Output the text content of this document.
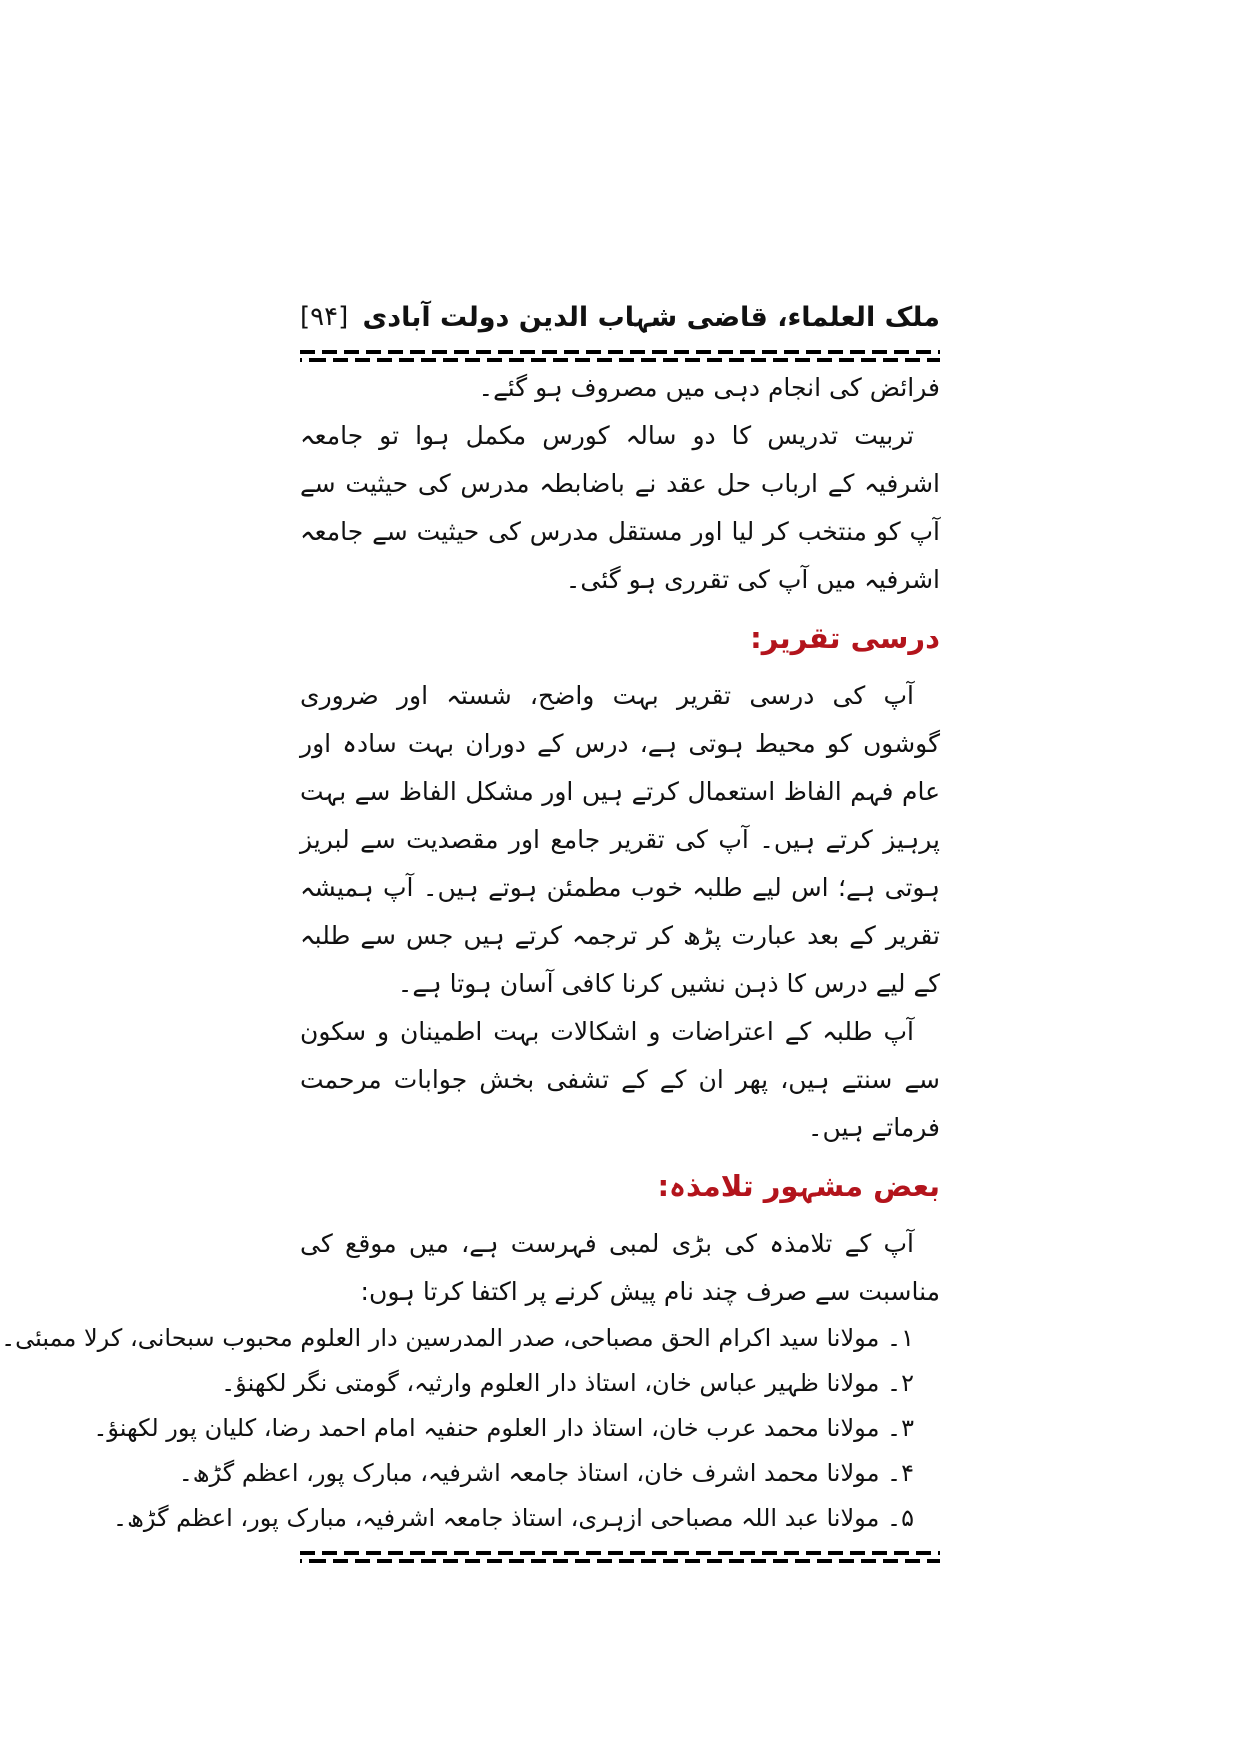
ملک العلماء، قاضی شہاب الدین دولت آبادی
[۹۴]

فرائض کی انجام دہی میں مصروف ہو گئے۔

تربیت تدریس کا دو سالہ کورس مکمل ہوا تو جامعہ اشرفیہ کے ارباب حل عقد نے باضابطہ مدرس کی حیثیت سے آپ کو منتخب کر لیا اور مستقل مدرس کی حیثیت سے جامعہ اشرفیہ میں آپ کی تقرری ہو گئی۔

درسی تقریر:

آپ کی درسی تقریر بہت واضح، شستہ اور ضروری گوشوں کو محیط ہوتی ہے، درس کے دوران بہت سادہ اور عام فہم الفاظ استعمال کرتے ہیں اور مشکل الفاظ سے بہت پرہیز کرتے ہیں۔ آپ کی تقریر جامع اور مقصدیت سے لبریز ہوتی ہے؛ اس لیے طلبہ خوب مطمئن ہوتے ہیں۔ آپ ہمیشہ تقریر کے بعد عبارت پڑھ کر ترجمہ کرتے ہیں جس سے طلبہ کے لیے درس کا ذہن نشیں کرنا کافی آسان ہوتا ہے۔

آپ طلبہ کے اعتراضات و اشکالات بہت اطمینان و سکون سے سنتے ہیں، پھر ان کے کے تشفی بخش جوابات مرحمت فرماتے ہیں۔

بعض مشہور تلامذہ:

آپ کے تلامذہ کی بڑی لمبی فہرست ہے، میں موقع کی مناسبت سے صرف چند نام پیش کرنے پر اکتفا کرتا ہوں:

۱۔ مولانا سید اکرام الحق مصباحی، صدر المدرسین دار العلوم محبوب سبحانی، کرلا ممبئی۔
۲۔ مولانا ظہیر عباس خان، استاذ دار العلوم وارثیہ، گومتی نگر لکھنؤ۔
۳۔ مولانا محمد عرب خان، استاذ دار العلوم حنفیہ امام احمد رضا، کلیان پور لکھنؤ۔
۴۔ مولانا محمد اشرف خان، استاذ جامعہ اشرفیہ، مبارک پور، اعظم گڑھ۔
۵۔ مولانا عبد اللہ مصباحی ازہری، استاذ جامعہ اشرفیہ، مبارک پور، اعظم گڑھ۔
